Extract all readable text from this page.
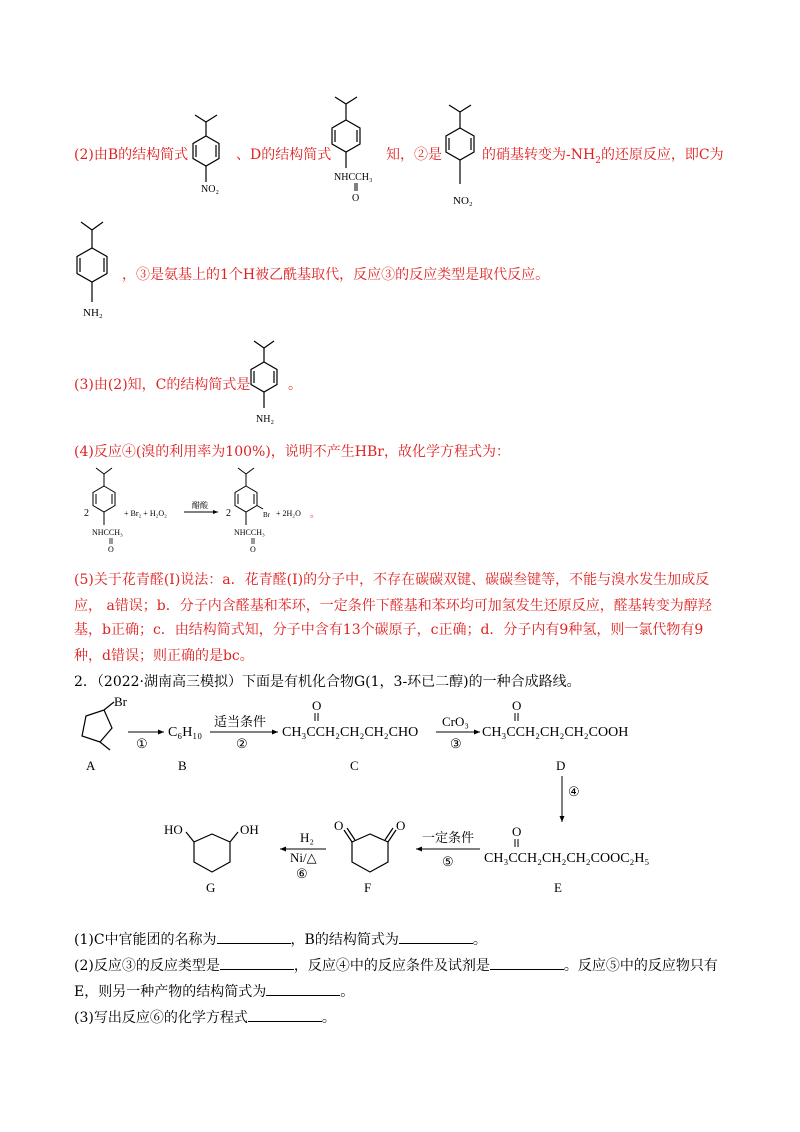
NO₂
NHCCH₃
O	NO₂
(2)由B的结构简式	、D的结构简式	知，②是	的硝基转变为$-NH_2$的还原反应，即C为
NH₂
，③是氨基上的1个H被乙酰基取代，反应③的反应类型是取代反应。
(3)由(2)知，C的结构简式是
NH₂
。
(4)反应④(溴的利用率为100%)，说明不产生HBr，故化学方程式为：
2
NHCCH₃
O
+ Br₂ + H₂O₂
醋酸
2	Br
NHCCH₃
O
+ 2H₂O 。
(5)关于花青醛(I)说法：a．花青醛(I)的分子中，不存在碳碳双键、碳碳叁键等，不能与溴水发生加成反
应， a错误；b．分子内含醛基和苯环，一定条件下醛基和苯环均可加氢发生还原反应，醛基转变为醇羟
基，b正确；c．由结构简式知，分子中含有13个碳原子，c正确；d．分子内有9种氢，则一氯代物有9
种，d错误；则正确的是bc。
2．（2022·湖南高三模拟）下面是有机化合物G(1，3-环已二醇)的一种合成路线。
Br
A
①
C₆H₁₀
B
适当条件
②
O
CH₃CCH₂CH₂CH₂CHO
C
CrO₃
③
O
CH₃CCH₂CH₂CH₂COOH
D
④
O
CH₃CCH₂CH₂CH₂COOC₂H₅
E
一定条件
⑤
O	O
F
H₂
Ni/△
⑥
HO	OH
G
(1)C中官能团的名称为	，B的结构简式为	。
(2)反应③的反应类型是	，反应④中的反应条件及试剂是	。反应⑤中的反应物只有
E，则另一种产物的结构简式为	。
(3)写出反应⑥的化学方程式	。
